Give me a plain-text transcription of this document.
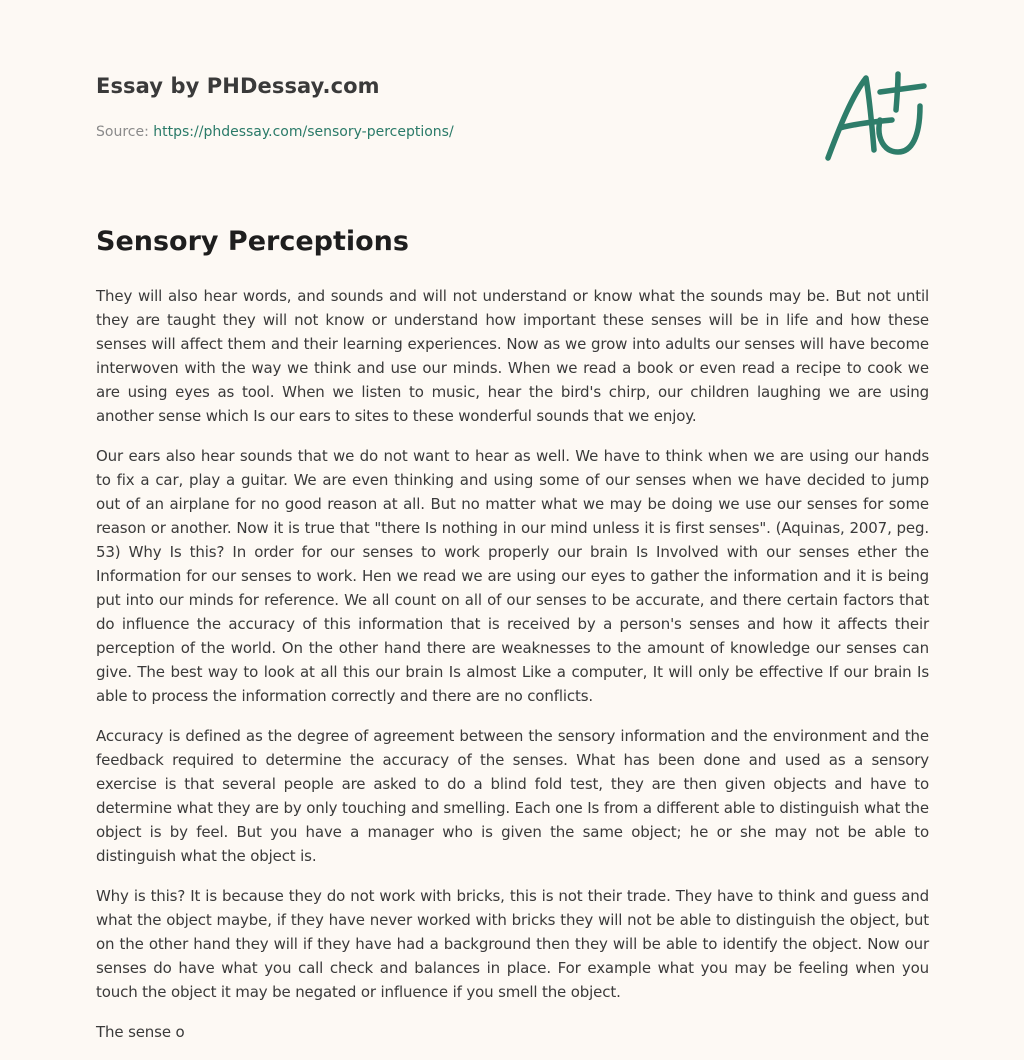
Essay by PHDessay.com
Source: https://phdessay.com/sensory-perceptions/
Sensory Perceptions

They will also hear words, and sounds and will not understand or know what the sounds may be. But not until they are taught they will not know or understand how important these senses will be in life and how these senses will affect them and their learning experiences. Now as we grow into adults our senses will have become interwoven with the way we think and use our minds. When we read a book or even read a recipe to cook we are using eyes as tool. When we listen to music, hear the bird's chirp, our children laughing we are using another sense which Is our ears to sites to these wonderful sounds that we enjoy.

Our ears also hear sounds that we do not want to hear as well. We have to think when we are using our hands to fix a car, play a guitar. We are even thinking and using some of our senses when we have decided to jump out of an airplane for no good reason at all. But no matter what we may be doing we use our senses for some reason or another. Now it is true that "there Is nothing in our mind unless it is first senses". (Aquinas, 2007, peg. 53) Why Is this? In order for our senses to work properly our brain Is Involved with our senses ether the Information for our senses to work. Hen we read we are using our eyes to gather the information and it is being put into our minds for reference. We all count on all of our senses to be accurate, and there certain factors that do influence the accuracy of this information that is received by a person's senses and how it affects their perception of the world. On the other hand there are weaknesses to the amount of knowledge our senses can give. The best way to look at all this our brain Is almost Like a computer, It will only be effective If our brain Is able to process the information correctly and there are no conflicts.

Accuracy is defined as the degree of agreement between the sensory information and the environment and the feedback required to determine the accuracy of the senses. What has been done and used as a sensory exercise is that several people are asked to do a blind fold test, they are then given objects and have to determine what they are by only touching and smelling. Each one Is from a different able to distinguish what the object is by feel. But you have a manager who is given the same object; he or she may not be able to distinguish what the object is.

Why is this? It is because they do not work with bricks, this is not their trade. They have to think and guess and what the object maybe, if they have never worked with bricks they will not be able to distinguish the object, but on the other hand they will if they have had a background then they will be able to identify the object. Now our senses do have what you call check and balances in place. For example what you may be feeling when you touch the object it may be negated or influence if you smell the object.

The sense o
